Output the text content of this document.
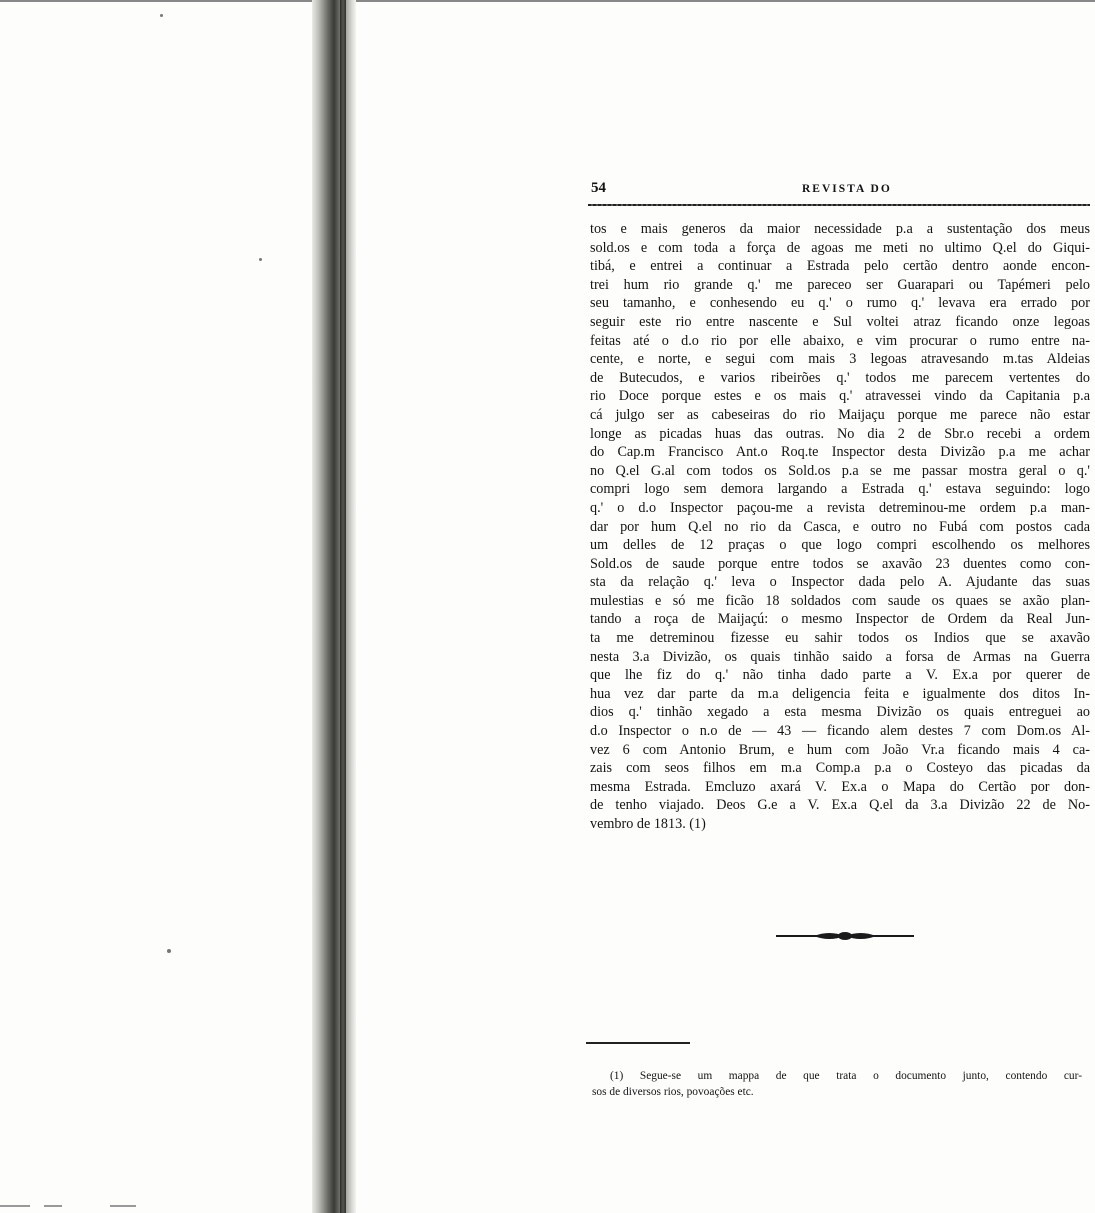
54	REVISTA DO
tos e mais generos da maior necessidade p.a a sustentação dos meus
sold.os e com toda a força de agoas me meti no ultimo Q.el do Giqui-
tibá, e entrei a continuar a Estrada pelo certão dentro aonde encon-
trei hum rio grande q.' me pareceo ser Guarapari ou Tapémeri pelo
seu tamanho, e conhesendo eu q.' o rumo q.' levava era errado por
seguir este rio entre nascente e Sul voltei atraz ficando onze legoas
feitas até o d.o rio por elle abaixo, e vim procurar o rumo entre na-
cente, e norte, e segui com mais 3 legoas atravesando m.tas Aldeias
de Butecudos, e varios ribeirões q.' todos me parecem vertentes do
rio Doce porque estes e os mais q.' atravessei vindo da Capitania p.a
cá julgo ser as cabeseiras do rio Maijaçu porque me parece não estar
longe as picadas huas das outras. No dia 2 de Sbr.o recebi a ordem
do Cap.m Francisco Ant.o Roq.te Inspector desta Divizão p.a me achar
no Q.el G.al com todos os Sold.os p.a se me passar mostra geral o q.'
compri logo sem demora largando a Estrada q.' estava seguindo: logo
q.' o d.o Inspector paçou-me a revista detreminou-me ordem p.a man-
dar por hum Q.el no rio da Casca, e outro no Fubá com postos cada
um delles de 12 praças o que logo compri escolhendo os melhores
Sold.os de saude porque entre todos se axavão 23 duentes como con-
sta da relação q.' leva o Inspector dada pelo A. Ajudante das suas
mulestias e só me ficão 18 soldados com saude os quaes se axão plan-
tando a roça de Maijaçú: o mesmo Inspector de Ordem da Real Jun-
ta me detreminou fizesse eu sahir todos os Indios que se axavão
nesta 3.a Divizão, os quais tinhão saido a forsa de Armas na Guerra
que lhe fiz do q.' não tinha dado parte a V. Ex.a por querer de
hua vez dar parte da m.a deligencia feita e igualmente dos ditos In-
dios q.' tinhão xegado a esta mesma Divizão os quais entreguei ao
d.o Inspector o n.o de — 43 — ficando alem destes 7 com Dom.os Al-
vez 6 com Antonio Brum, e hum com João Vr.a ficando mais 4 ca-
zais com seos filhos em m.a Comp.a p.a o Costeyo das picadas da
mesma Estrada. Emcluzo axará V. Ex.a o Mapa do Certão por don-
de tenho viajado. Deos G.e a V. Ex.a Q.el da 3.a Divizão 22 de No-
vembro de 1813. (1)
(1) Segue-se um mappa de que trata o documento junto, contendo cur-
sos de diversos rios, povoações etc.
